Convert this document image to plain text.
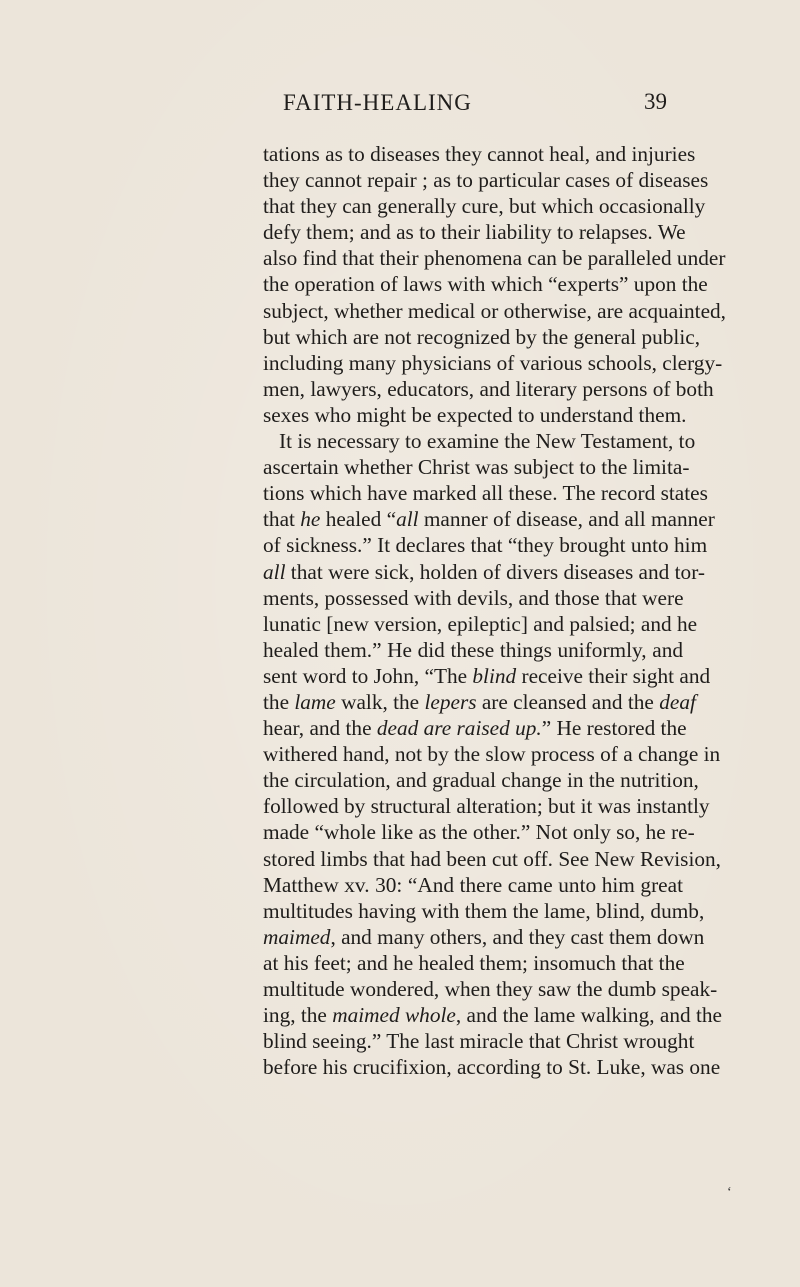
FAITH-HEALING	39
tations as to diseases they cannot heal, and injuries
they cannot repair ; as to particular cases of diseases
that they can generally cure, but which occasionally
defy them; and as to their liability to relapses. We
also find that their phenomena can be paralleled under
the operation of laws with which “experts” upon the
subject, whether medical or otherwise, are acquainted,
but which are not recognized by the general public,
including many physicians of various schools, clergy-
men, lawyers, educators, and literary persons of both
sexes who might be expected to understand them.
It is necessary to examine the New Testament, to
ascertain whether Christ was subject to the limita-
tions which have marked all these. The record states
that he healed “all manner of disease, and all manner
of sickness.” It declares that “they brought unto him
all that were sick, holden of divers diseases and tor-
ments, possessed with devils, and those that were
lunatic [new version, epileptic] and palsied; and he
healed them.” He did these things uniformly, and
sent word to John, “The blind receive their sight and
the lame walk, the lepers are cleansed and the deaf
hear, and the dead are raised up.” He restored the
withered hand, not by the slow process of a change in
the circulation, and gradual change in the nutrition,
followed by structural alteration; but it was instantly
made “whole like as the other.” Not only so, he re-
stored limbs that had been cut off. See New Revision,
Matthew xv. 30: “And there came unto him great
multitudes having with them the lame, blind, dumb,
maimed, and many others, and they cast them down
at his feet; and he healed them; insomuch that the
multitude wondered, when they saw the dumb speak-
ing, the maimed whole, and the lame walking, and the
blind seeing.” The last miracle that Christ wrought
before his crucifixion, according to St. Luke, was one
‘
